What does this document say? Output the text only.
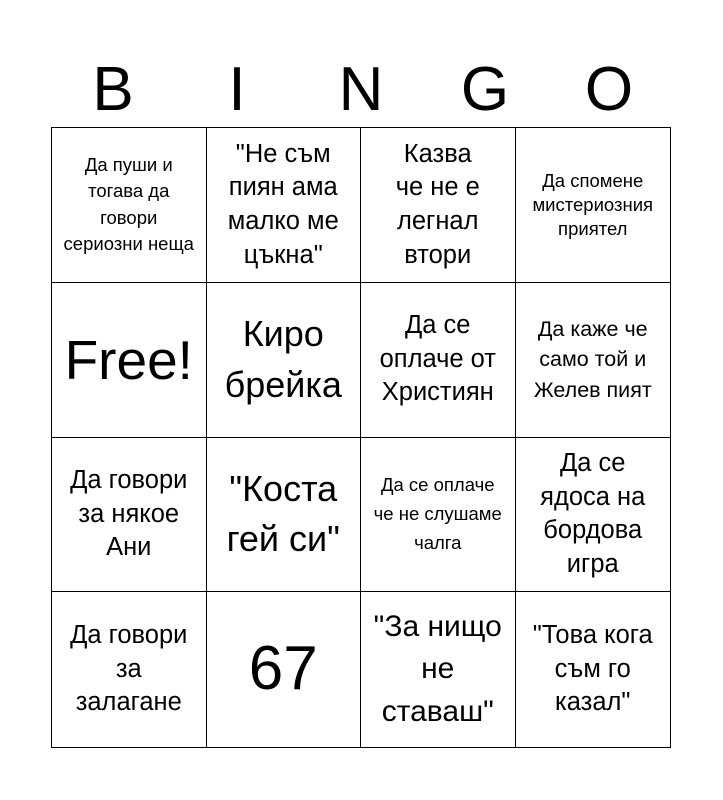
B	I	N	G	O
Да пуши и тогава да говори сериозни неща
"Не съм пиян ама малко ме цъкна"
Казва че не е легнал втори
Да спомене мистериозния приятел
Free!	Киро брейка
Да се оплаче от Християн
Да каже че само той и Желев пият
Да говори за някое Ани
"Коста гей си"
Да се оплаче че не слушаме чалга
Да се ядоса на бордова игра
Да говори за залагане 67
"За нищо не ставаш"
"Това кога съм го казал"
